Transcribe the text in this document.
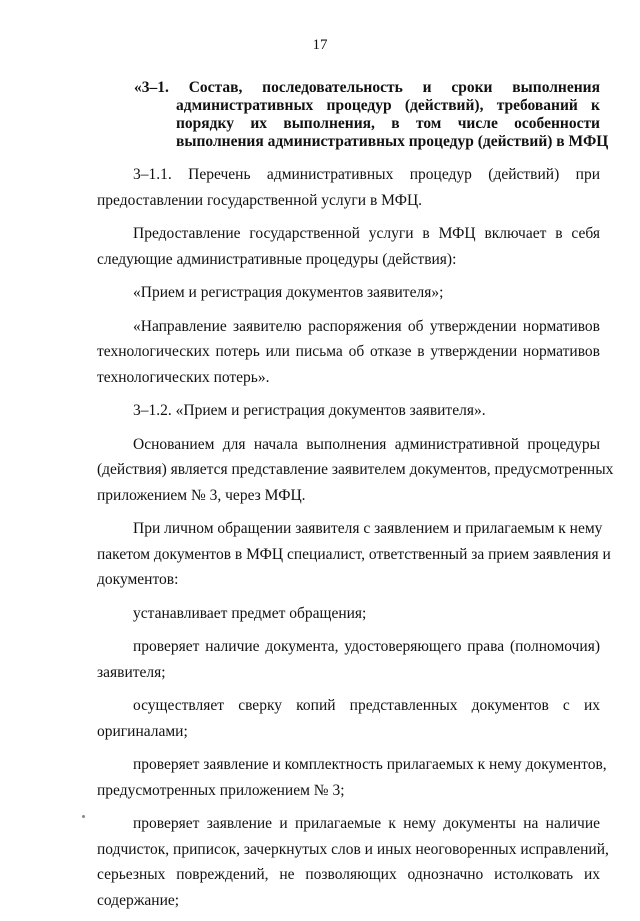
17
«3–1. Состав, последовательность и сроки выполнения
административных процедур (действий), требований к
порядку их выполнения, в том числе особенности
выполнения административных процедур (действий) в МФЦ
3–1.1. Перечень административных процедур (действий) при
предоставлении государственной услуги в МФЦ.
Предоставление государственной услуги в МФЦ включает в себя
следующие административные процедуры (действия):
«Прием и регистрация документов заявителя»;
«Направление заявителю распоряжения об утверждении нормативов
технологических потерь или письма об отказе в утверждении нормативов
технологических потерь».
3–1.2. «Прием и регистрация документов заявителя».
Основанием для начала выполнения административной процедуры
(действия) является представление заявителем документов, предусмотренных
приложением № 3, через МФЦ.
При личном обращении заявителя с заявлением и прилагаемым к нему
пакетом документов в МФЦ специалист, ответственный за прием заявления и
документов:
устанавливает предмет обращения;
проверяет наличие документа, удостоверяющего права (полномочия)
заявителя;
осуществляет сверку копий представленных документов с их
оригиналами;
проверяет заявление и комплектность прилагаемых к нему документов,
предусмотренных приложением № 3;
проверяет заявление и прилагаемые к нему документы на наличие
подчисток, приписок, зачеркнутых слов и иных неоговоренных исправлений,
серьезных повреждений, не позволяющих однозначно истолковать их
содержание;
